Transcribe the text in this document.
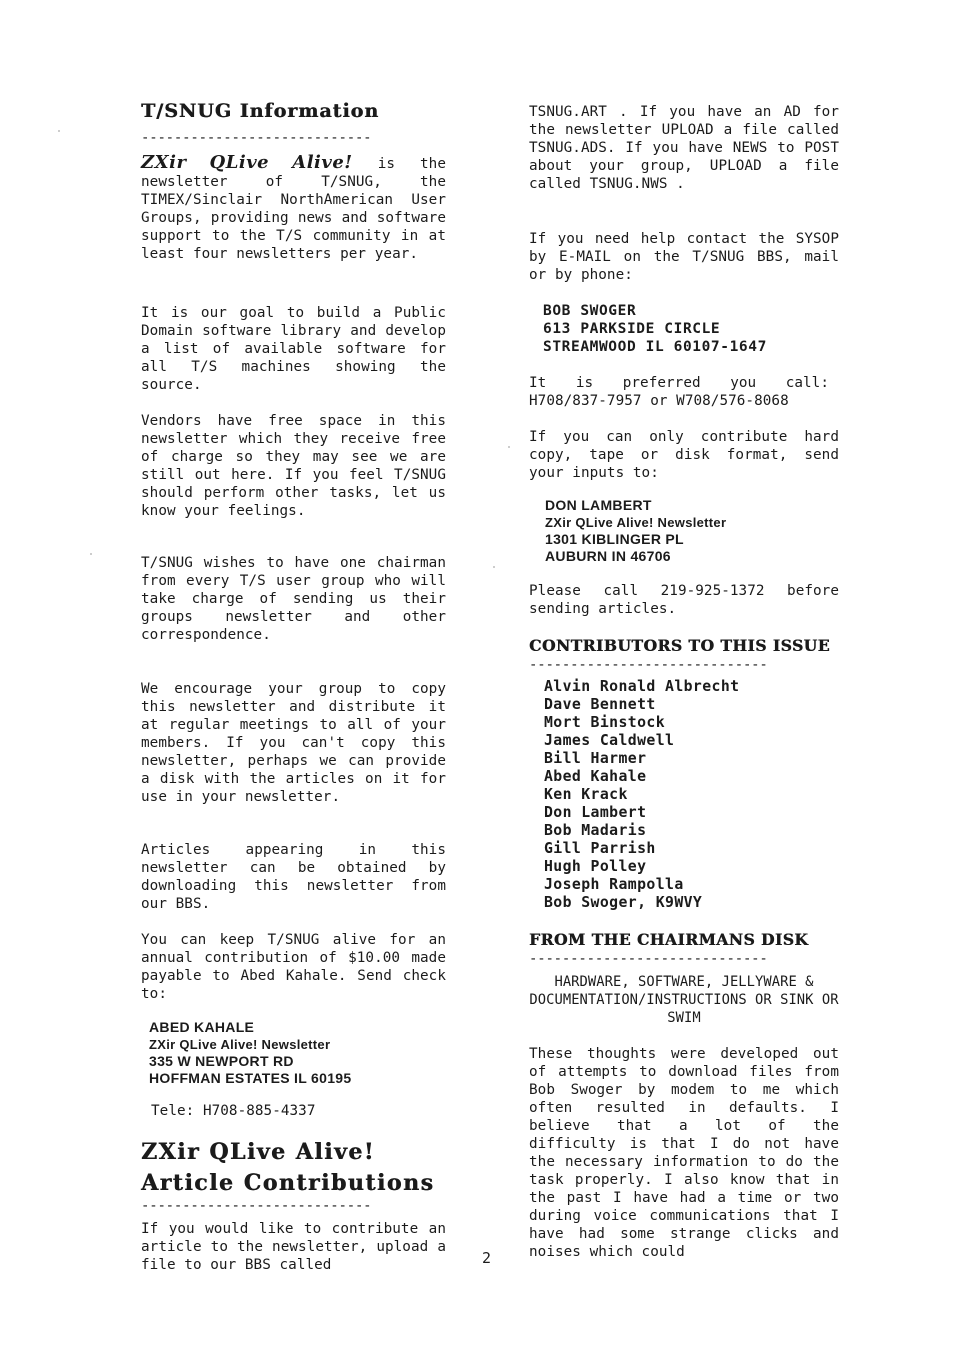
T/SNUG Information
----------------------------
ZXir QLive Alive! is the newsletter of T/SNUG, the TIMEX/Sinclair NorthAmerican User Groups, providing news and software support to the T/S community in at least four newsletters per year.

It is our goal to build a Public Domain software library and develop a list of available software for all T/S machines showing the source.

Vendors have free space in this newsletter which they receive free of charge so they may see we are still out here. If you feel T/SNUG should perform other tasks, let us know your feelings.

T/SNUG wishes to have one chairman from every T/S user group who will take charge of sending us their groups newsletter and other correspondence.

We encourage your group to copy this newsletter and distribute it at regular meetings to all of your members. If you can't copy this newsletter, perhaps we can provide a disk with the articles on it for use in your newsletter.

Articles appearing in this newsletter can be obtained by downloading this newsletter from our BBS.

You can keep T/SNUG alive for an annual contribution of $10.00 made payable to Abed Kahale. Send check to:

ABED KAHALE
ZXir QLive Alive! Newsletter
335 W NEWPORT RD
HOFFMAN ESTATES IL 60195

Tele: H708-885-4337

ZXir QLive Alive!
Article Contributions
----------------------------

If you would like to contribute an article to the newsletter, upload a file to our BBS called	2

TSNUG.ART . If you have an AD for the newsletter UPLOAD a file called TSNUG.ADS. If you have NEWS to POST about your group, UPLOAD a file called TSNUG.NWS .

If you need help contact the SYSOP by E-MAIL on the T/SNUG BBS, mail or by phone:

BOB SWOGER
613 PARKSIDE CIRCLE
STREAMWOOD IL 60107-1647

It is preferred you call: H708/837-7957 or W708/576-8068

If you can only contribute hard copy, tape or disk format, send your inputs to:

DON LAMBERT
ZXir QLive Alive! Newsletter
1301 KIBLINGER PL
AUBURN IN 46706

Please call 219-925-1372 before sending articles.

CONTRIBUTORS TO THIS ISSUE
-----------------------------
Alvin Ronald Albrecht
Dave Bennett
Mort Binstock
James Caldwell
Bill Harmer
Abed Kahale
Ken Krack
Don Lambert
Bob Madaris
Gill Parrish
Hugh Polley
Joseph Rampolla
Bob Swoger, K9WVY
FROM THE CHAIRMANS DISK
-----------------------------

HARDWARE, SOFTWARE, JELLYWARE & DOCUMENTATION/INSTRUCTIONS OR SINK OR SWIM

These thoughts were developed out of attempts to download files from Bob Swoger by modem to me which often resulted in defaults. I believe that a lot of the difficulty is that I do not have the necessary information to do the task properly. I also know that in the past I have had a time or two during voice communications that I have had some strange clicks and noises which could
